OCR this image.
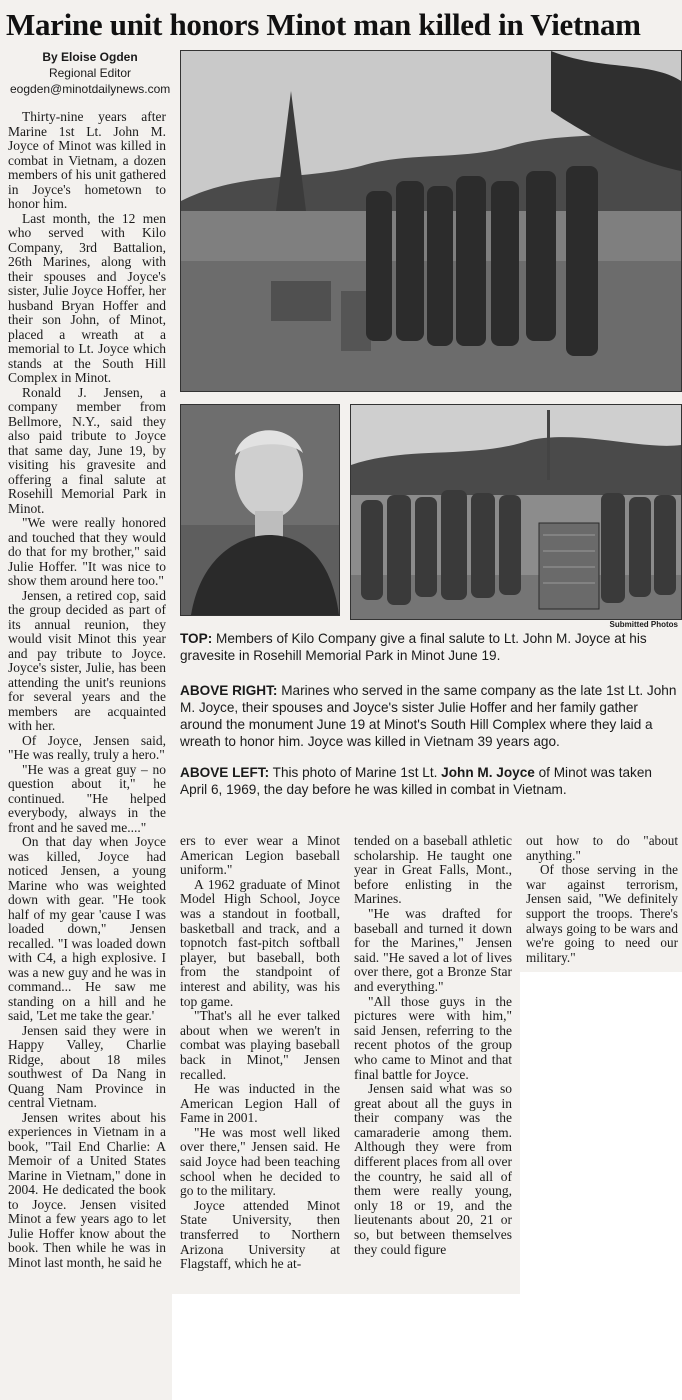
Marine unit honors Minot man killed in Vietnam

By Eloise Ogden

Regional Editor

eogden@minotdailynews.com

Submitted Photos

TOP: Members of Kilo Company give a final salute to Lt. John M. Joyce at his gravesite in Rosehill Memorial Park in Minot June 19.

ABOVE RIGHT: Marines who served in the same company as the late 1st Lt. John M. Joyce, their spouses and Joyce's sister Julie Hoffer and her family gather around the monument June 19 at Minot's South Hill Complex where they laid a wreath to honor him. Joyce was killed in Vietnam 39 years ago.

ABOVE LEFT: This photo of Marine 1st Lt. John M. Joyce of Minot was taken April 6, 1969, the day before he was killed in combat in Vietnam.

Thirty-nine years after Marine 1st Lt. John M. Joyce of Minot was killed in combat in Vietnam, a dozen members of his unit gathered in Joyce's hometown to honor him.

Last month, the 12 men who served with Kilo Company, 3rd Battalion, 26th Marines, along with their spouses and Joyce's sister, Julie Joyce Hoffer, her husband Bryan Hoffer and their son John, of Minot, placed a wreath at a memorial to Lt. Joyce which stands at the South Hill Complex in Minot.

Ronald J. Jensen, a company member from Bellmore, N.Y., said they also paid tribute to Joyce that same day, June 19, by visiting his gravesite and offering a final salute at Rosehill Memorial Park in Minot.

"We were really honored and touched that they would do that for my brother," said Julie Hoffer. "It was nice to show them around here too."

Jensen, a retired cop, said the group decided as part of its annual reunion, they would visit Minot this year and pay tribute to Joyce. Joyce's sister, Julie, has been attending the unit's reunions for several years and the members are acquainted with her.

Of Joyce, Jensen said, "He was really, truly a hero."

"He was a great guy – no question about it," he continued. "He helped everybody, always in the front and he saved me...."

On that day when Joyce was killed, Joyce had noticed Jensen, a young Marine who was weighted down with gear. "He took half of my gear 'cause I was loaded down," Jensen recalled. "I was loaded down with C4, a high explosive. I was a new guy and he was in command... He saw me standing on a hill and he said, 'Let me take the gear.'

Jensen said they were in Happy Valley, Charlie Ridge, about 18 miles southwest of Da Nang in Quang Nam Province in central Vietnam.

Jensen writes about his experiences in Vietnam in a book, "Tail End Charlie: A Memoir of a United States Marine in Vietnam," done in 2004. He dedicated the book to Joyce. Jensen visited Minot a few years ago to let Julie Hoffer know about the book. Then while he was in Minot last month, he said he

ers to ever wear a Minot American Legion baseball uniform."

A 1962 graduate of Minot Model High School, Joyce was a standout in football, basketball and track, and a topnotch fast-pitch softball player, but baseball, both from the standpoint of interest and ability, was his top game.

"That's all he ever talked about when we weren't in combat was playing baseball back in Minot," Jensen recalled.

He was inducted in the American Legion Hall of Fame in 2001.

"He was most well liked over there," Jensen said. He said Joyce had been teaching school when he decided to go to the military.

Joyce attended Minot State University, then transferred to Northern Arizona University at Flagstaff, which he at-

tended on a baseball athletic scholarship. He taught one year in Great Falls, Mont., before enlisting in the Marines.

"He was drafted for baseball and turned it down for the Marines," Jensen said. "He saved a lot of lives over there, got a Bronze Star and everything."

"All those guys in the pictures were with him," said Jensen, referring to the recent photos of the group who came to Minot and that final battle for Joyce.

Jensen said what was so great about all the guys in their company was the camaraderie among them. Although they were from different places from all over the country, he said all of them were really young, only 18 or 19, and the lieutenants about 20, 21 or so, but between themselves they could figure

out how to do "about anything."

Of those serving in the war against terrorism, Jensen said, "We definitely support the troops. There's always going to be wars and we're going to need our military."
